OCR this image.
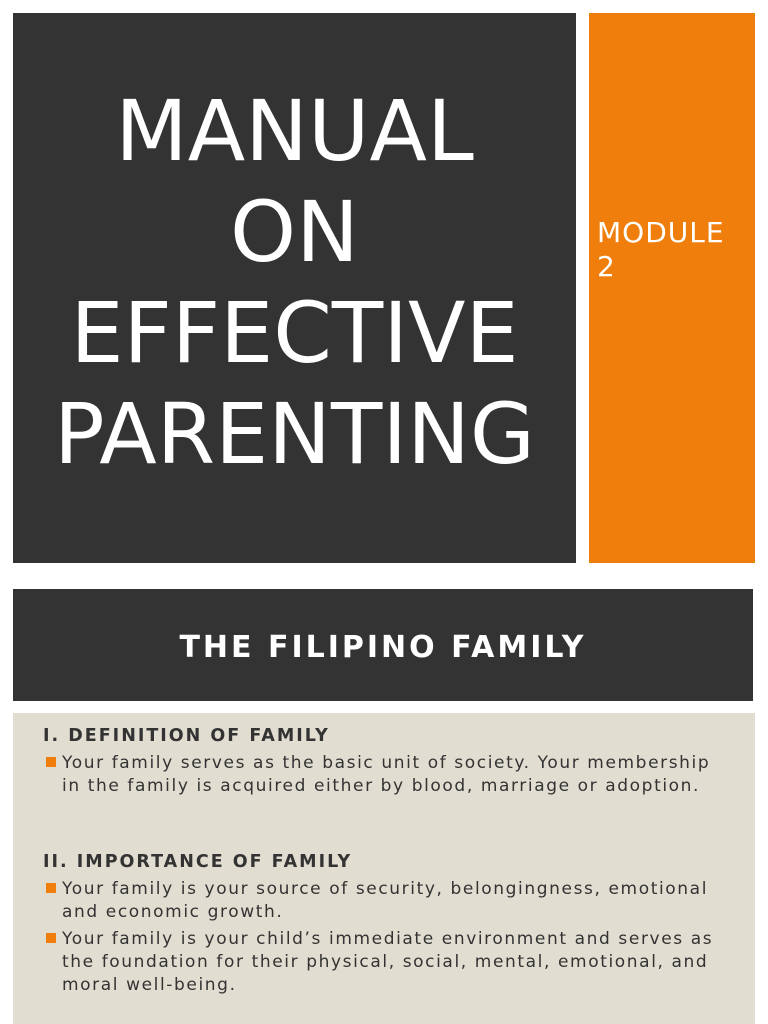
MANUAL
ON
EFFECTIVE
PARENTING
MODULE
2
THE FILIPINO FAMILY
I. DEFINITION OF FAMILY
Your family serves as the basic unit of society. Your membership in the family is acquired either by blood, marriage or adoption.
II. IMPORTANCE OF FAMILY
Your family is your source of security, belongingness, emotional and economic growth.
Your family is your child’s immediate environment and serves as the foundation for their physical, social, mental, emotional, and moral well-being.
